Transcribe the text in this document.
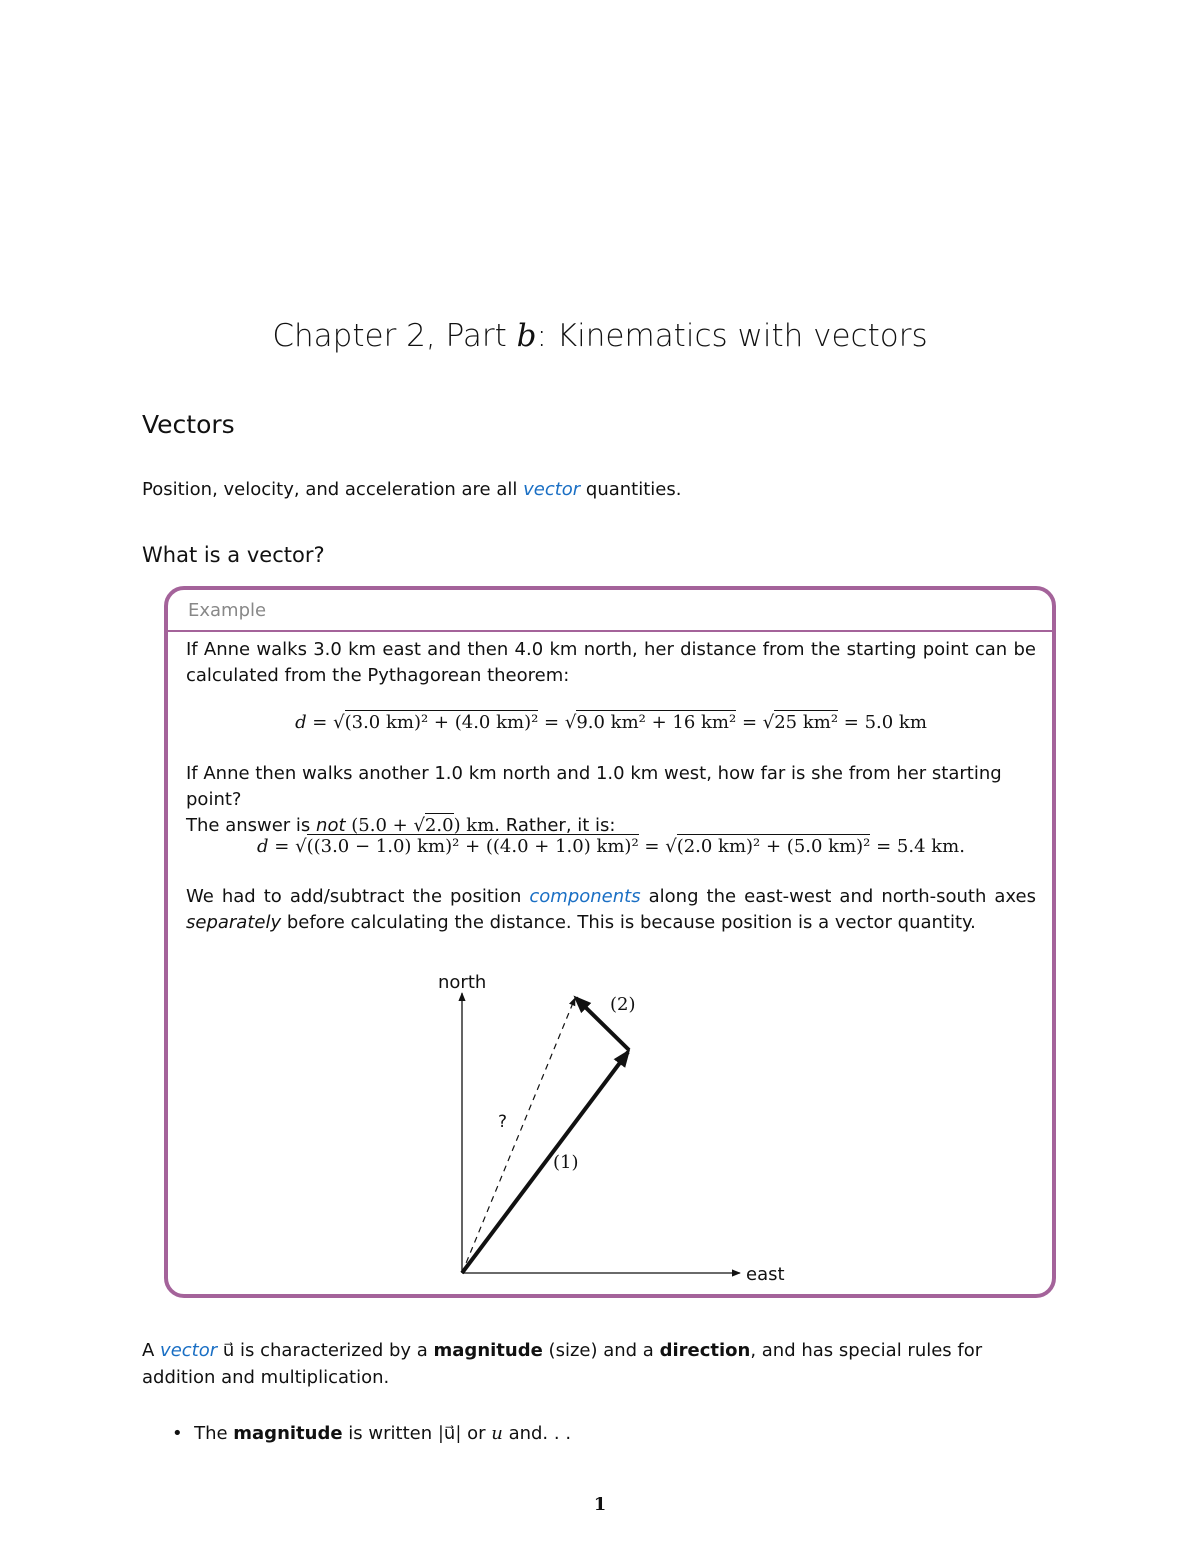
Chapter 2, Part b: Kinematics with vectors
Vectors
Position, velocity, and acceleration are all vector quantities.
What is a vector?
Example
If Anne walks 3.0 km east and then 4.0 km north, her distance from the starting point can be calculated from the Pythagorean theorem:
d = √(3.0 km)² + (4.0 km)² = √9.0 km² + 16 km² = √25 km² = 5.0 km
If Anne then walks another 1.0 km north and 1.0 km west, how far is she from her starting point?
The answer is not (5.0 + √2.0) km. Rather, it is:
d = √((3.0 − 1.0) km)² + ((4.0 + 1.0) km)² = √(2.0 km)² + (5.0 km)² = 5.4 km.
We had to add/subtract the position components along the east-west and north-south axes separately before calculating the distance. This is because position is a vector quantity.
north
east
(2)
(1)
?
A vector u⃗ is characterized by a magnitude (size) and a direction, and has special rules for addition and multiplication.
• The magnitude is written |u⃗| or u and. . .
1
